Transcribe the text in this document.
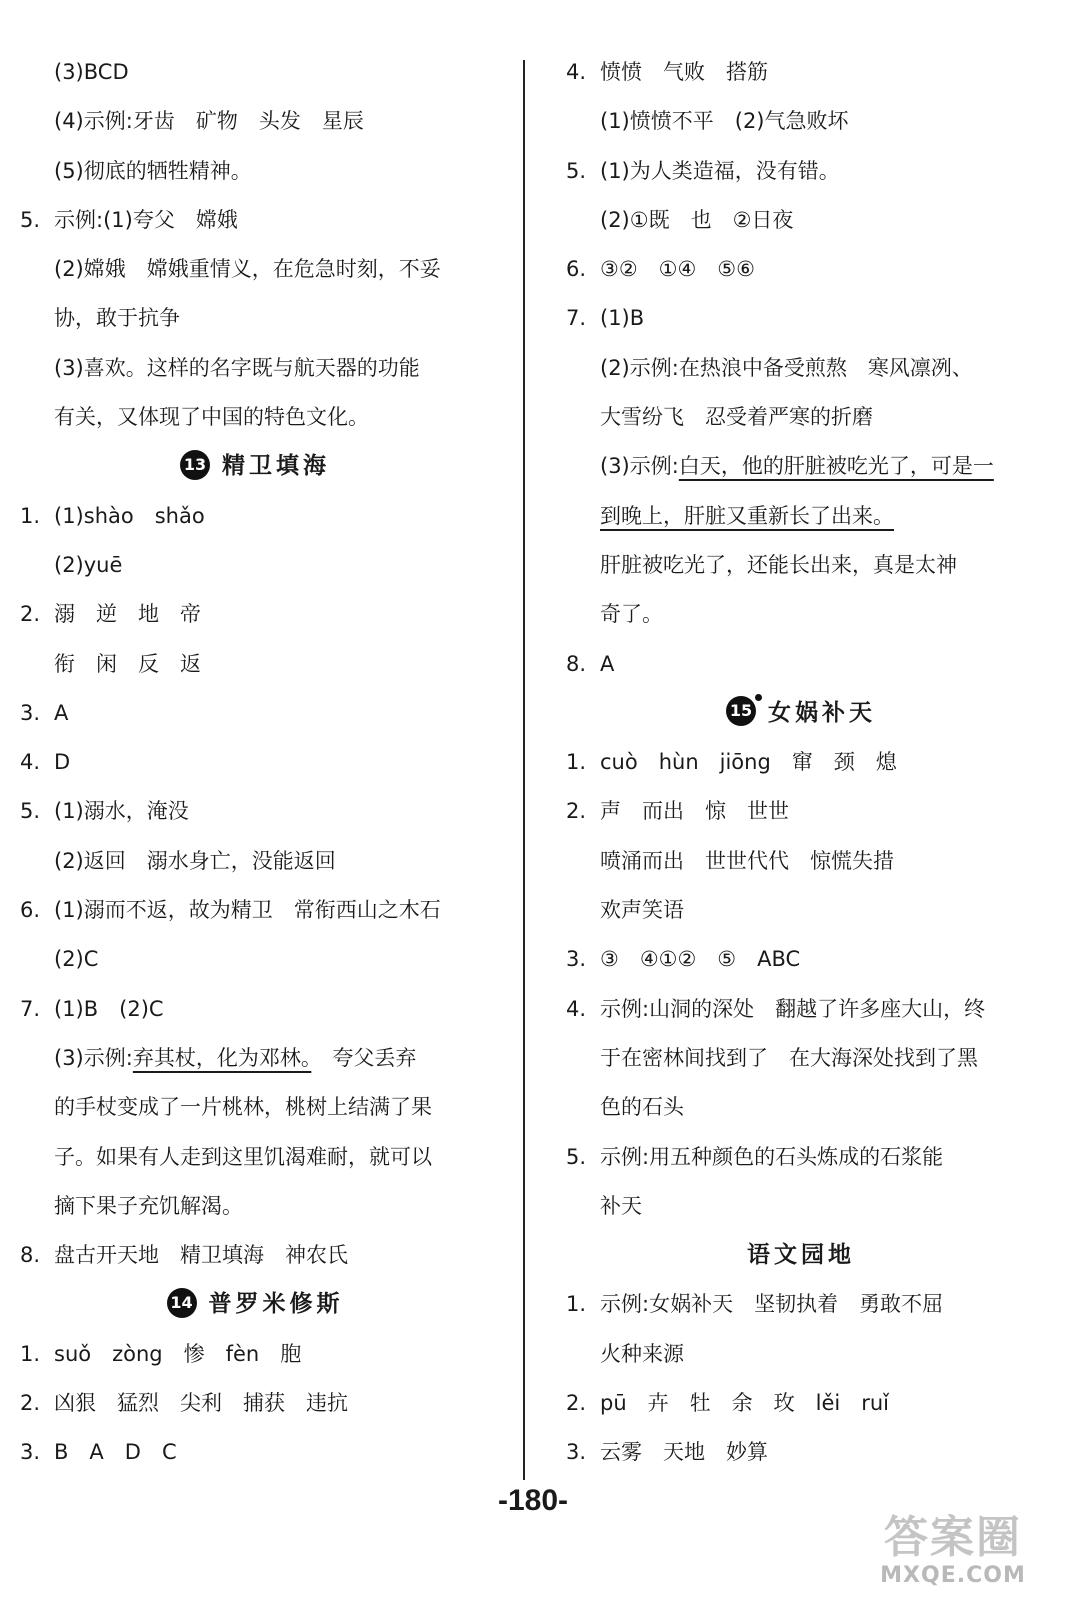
(3)BCD
(4)示例:牙齿　矿物　头发　星辰
(5)彻底的牺牲精神。
5. 示例:(1)夸父　嫦娥
(2)嫦娥　嫦娥重情义，在危急时刻，不妥
协，敢于抗争
(3)喜欢。这样的名字既与航天器的功能
有关，又体现了中国的特色文化。
13 精卫填海
1. (1)shào　shǎo
(2)yuē
2. 溺　逆　地　帝
衔　闲　反　返
3. A
4. D
5. (1)溺水，淹没
(2)返回　溺水身亡，没能返回
6. (1)溺而不返，故为精卫　常衔西山之木石
(2)C
7. (1)B　(2)C
(3)示例:弃其杖，化为邓林。　夸父丢弃
的手杖变成了一片桃林，桃树上结满了果
子。如果有人走到这里饥渴难耐，就可以
摘下果子充饥解渴。
8. 盘古开天地　精卫填海　神农氏
14 普罗米修斯
1. suǒ　zòng　惨　fèn　胞
2. 凶狠　猛烈　尖利　捕获　违抗
3. B　A　D　C
4. 愤愤　气败　搭筋
(1)愤愤不平　(2)气急败坏
5. (1)为人类造福，没有错。
(2)①既　也　②日夜
6. ③②　①④　⑤⑥
7. (1)B
(2)示例:在热浪中备受煎熬　寒风凛冽、
大雪纷飞　忍受着严寒的折磨
(3)示例:白天，他的肝脏被吃光了，可是一
到晚上，肝脏又重新长了出来。
肝脏被吃光了，还能长出来，真是太神
奇了。
8. A
15 女娲补天
1. cuò　hùn　jiōng　窜　颈　熄
2. 声　而出　惊　世世
喷涌而出　世世代代　惊慌失措
欢声笑语
3. ③　④①②　⑤　ABC
4. 示例:山洞的深处　翻越了许多座大山，终
于在密林间找到了　在大海深处找到了黑
色的石头
5. 示例:用五种颜色的石头炼成的石浆能
补天
语文园地
1. 示例:女娲补天　坚韧执着　勇敢不屈
火种来源
2. pū　卉　牡　余　玫　lěi　ruǐ
3. 云雾　天地　妙算
-180-
答案圈
MXQE.COM
